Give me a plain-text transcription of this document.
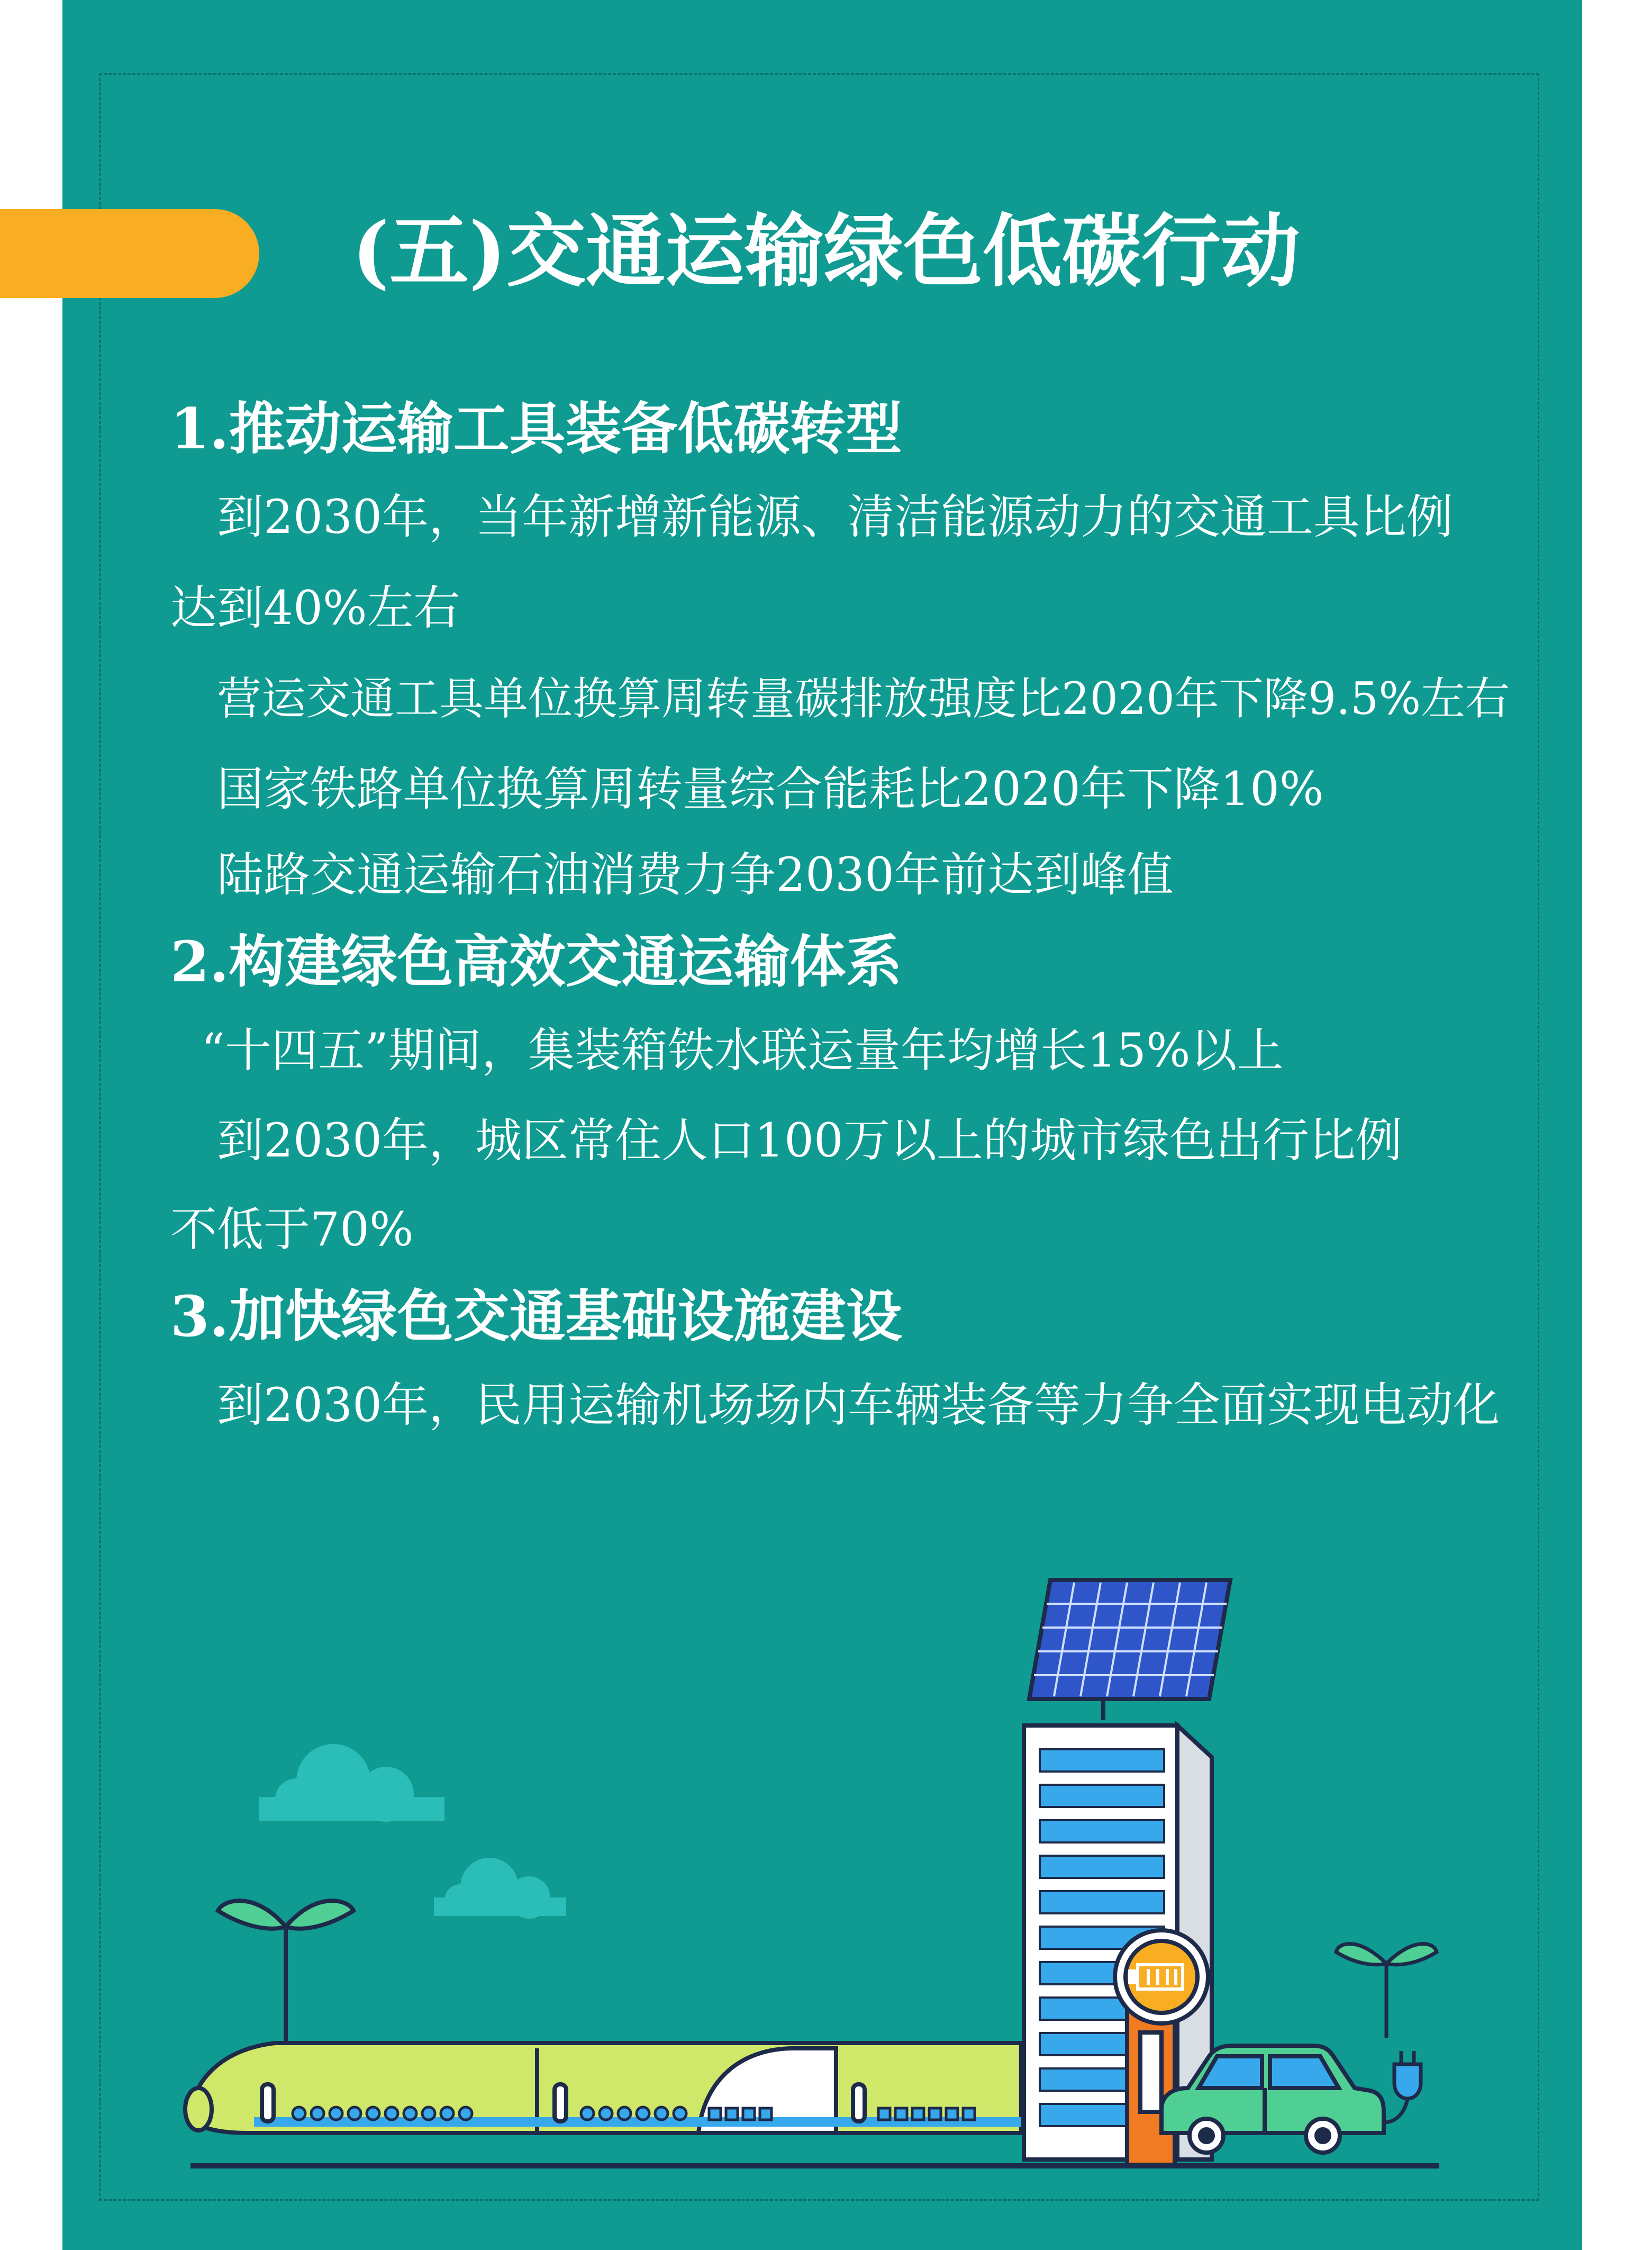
(五)交通运输绿色低碳行动
1.推动运输工具装备低碳转型
到2030年，当年新增新能源、清洁能源动力的交通工具比例
达到40%左右
营运交通工具单位换算周转量碳排放强度比2020年下降9.5%左右
国家铁路单位换算周转量综合能耗比2020年下降10%
陆路交通运输石油消费力争2030年前达到峰值
2.构建绿色高效交通运输体系
“十四五”期间，集装箱铁水联运量年均增长15%以上
到2030年，城区常住人口100万以上的城市绿色出行比例
不低于70%
3.加快绿色交通基础设施建设
到2030年，民用运输机场场内车辆装备等力争全面实现电动化
